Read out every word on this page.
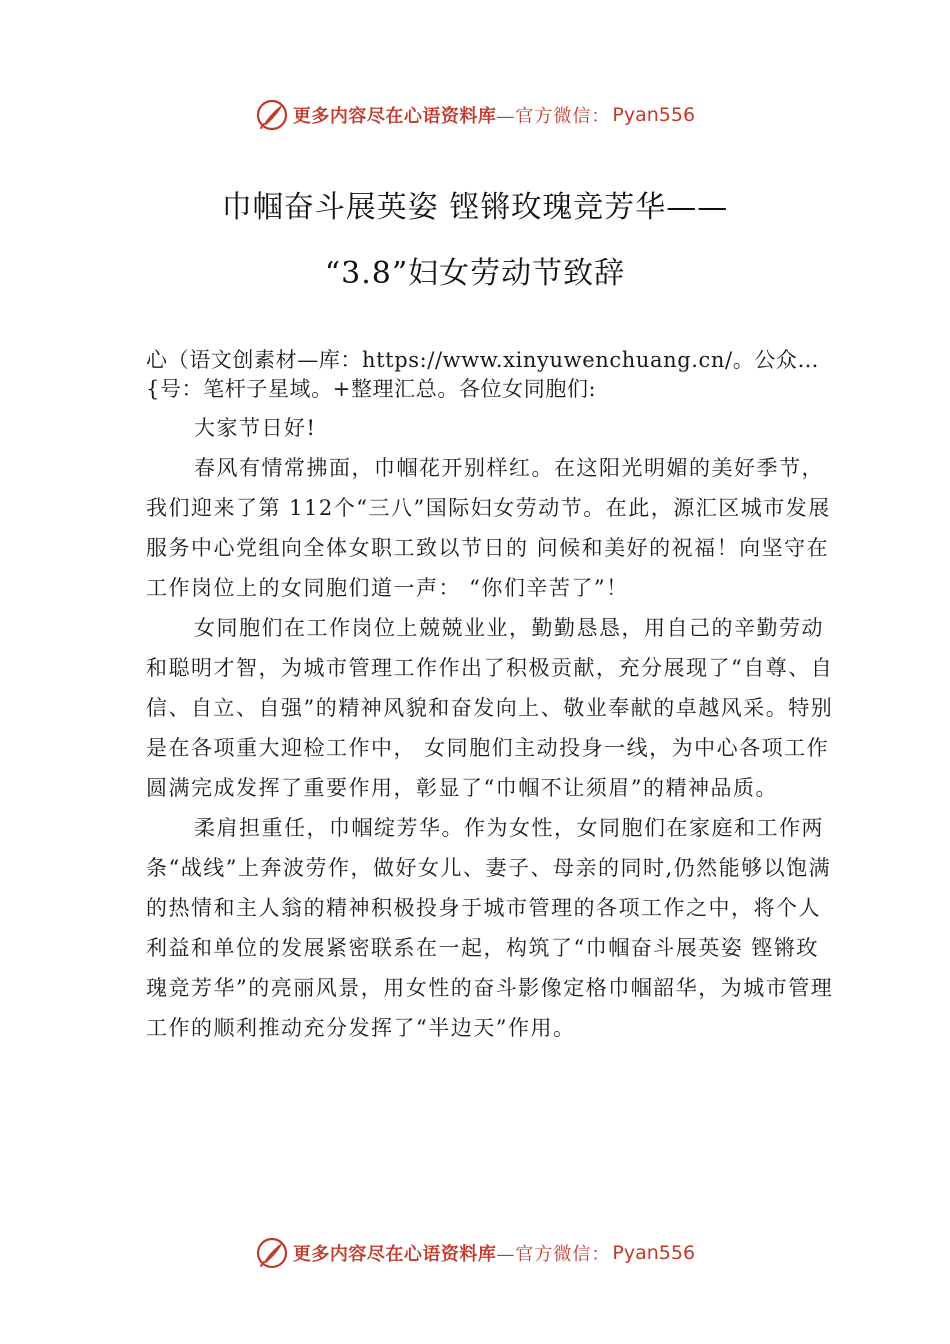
更多内容尽在心语资料库 —官方微信： Pyan556
巾帼奋斗展英姿 铿锵玫瑰竞芳华——
“3.8”妇女劳动节致辞

心（语文创素材—库：https://www.xinyuwenchuang.cn/。公众…{号：笔杆子星域。+整理汇总。各位女同胞们:

大家节日好!

春风有情常拂面，巾帼花开别样红。在这阳光明媚的美好季节，我们迎来了第 112个“三八”国际妇女劳动节。在此，源汇区城市发展服务中心党组向全体女职工致以节日的 问候和美好的祝福！向坚守在工作岗位上的女同胞们道一声： “你们辛苦了”！

女同胞们在工作岗位上兢兢业业，勤勤恳恳，用自己的辛勤劳动和聪明才智，为城市管理工作作出了积极贡献，充分展现了“自尊、自信、自立、自强”的精神风貌和奋发向上、敬业奉献的卓越风采。特别是在各项重大迎检工作中， 女同胞们主动投身一线，为中心各项工作圆满完成发挥了重要作用，彰显了“巾帼不让须眉”的精神品质。

柔肩担重任，巾帼绽芳华。作为女性，女同胞们在家庭和工作两条“战线”上奔波劳作，做好女儿、妻子、母亲的同时,仍然能够以饱满的热情和主人翁的精神积极投身于城市管理的各项工作之中，将个人利益和单位的发展紧密联系在一起，构筑了“巾帼奋斗展英姿 铿锵玫瑰竞芳华”的亮丽风景，用女性的奋斗影像定格巾帼韶华，为城市管理工作的顺利推动充分发挥了“半边天”作用。

更多内容尽在心语资料库 —官方微信： Pyan556
